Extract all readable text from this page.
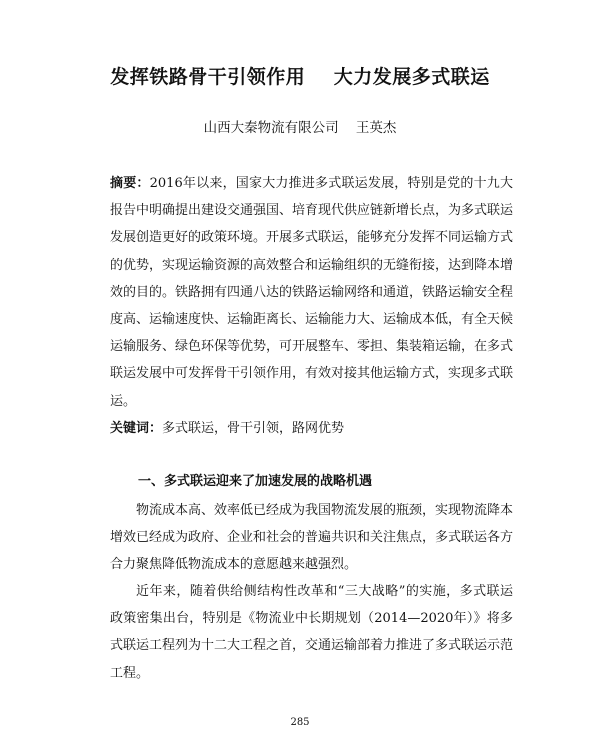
发挥铁路骨干引领作用    大力发展多式联运
山西大秦物流有限公司    王英杰

摘要：2016年以来，国家大力推进多式联运发展，特别是党的十九大报告中明确提出建设交通强国、培育现代供应链新增长点，为多式联运发展创造更好的政策环境。开展多式联运，能够充分发挥不同运输方式的优势，实现运输资源的高效整合和运输组织的无缝衔接，达到降本增效的目的。铁路拥有四通八达的铁路运输网络和通道，铁路运输安全程度高、运输速度快、运输距离长、运输能力大、运输成本低，有全天候运输服务、绿色环保等优势，可开展整车、零担、集装箱运输，在多式联运发展中可发挥骨干引领作用，有效对接其他运输方式，实现多式联运。

关键词：多式联运，骨干引领，路网优势

一、多式联运迎来了加速发展的战略机遇

物流成本高、效率低已经成为我国物流发展的瓶颈，实现物流降本增效已经成为政府、企业和社会的普遍共识和关注焦点，多式联运各方合力聚焦降低物流成本的意愿越来越强烈。

近年来，随着供给侧结构性改革和“三大战略”的实施，多式联运政策密集出台，特别是《物流业中长期规划（2014—2020年）》将多式联运工程列为十二大工程之首，交通运输部着力推进了多式联运示范工程。

285
